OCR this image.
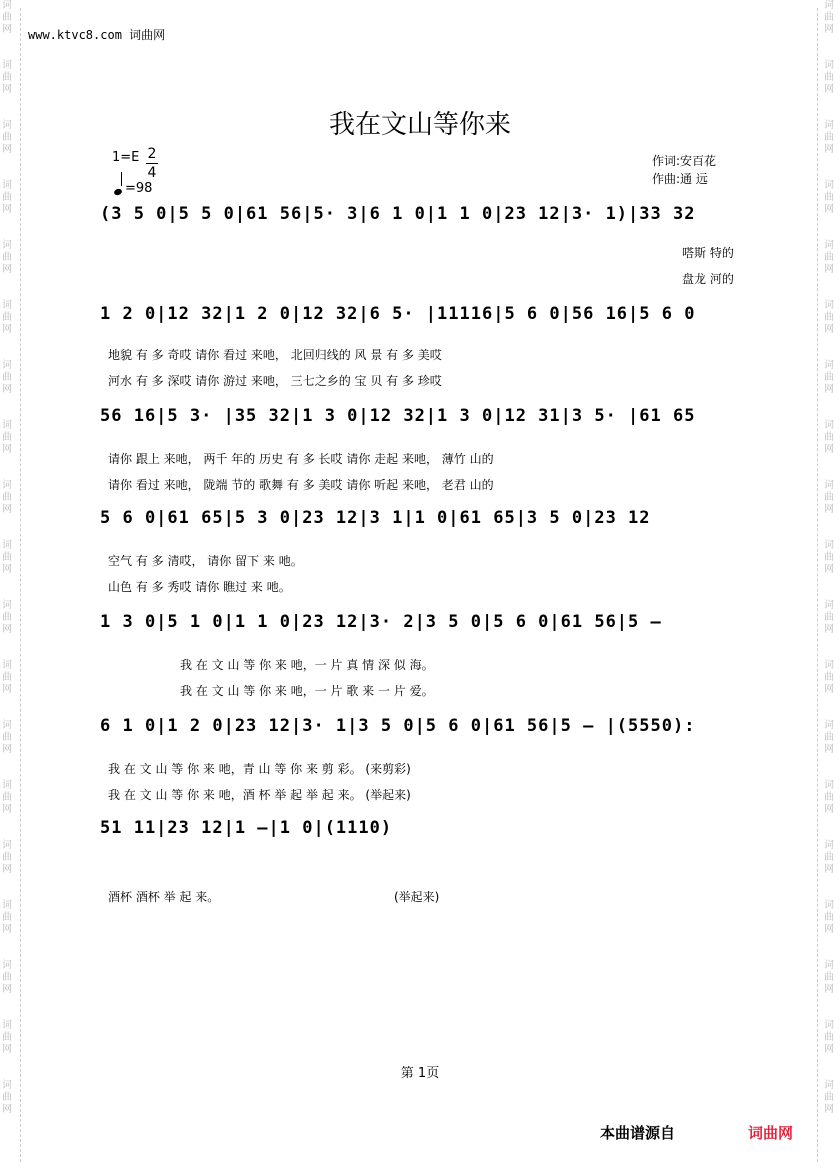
词
曲
网
词
曲
网
词
曲
网
词
曲
网
词
曲
网
词
曲
网
词
曲
网
词
曲
网
词
曲
网
词
曲
网
词
曲
网
词
曲
网
词
曲
网
词
曲
网
词
曲
网
词
曲
网
词
曲
网
词
曲
网
词
曲
网
词
曲
网
词
曲
网
词
曲
网
词
曲
网
词
曲
网
词
曲
网
词
曲
网
词
曲
网
词
曲
网
词
曲
网
词
曲
网
词
曲
网
词
曲
网
词
曲
网
词
曲
网
词
曲
网
词
曲
网
词
曲
网
词
曲
网
www.ktvc8.com 词曲网
我在文山等你来
1=E 2
4
=98
作词:安百花
作曲:通 远
(3 5 0|5 5 0|61 56|5· 3|6 1 0|1 1 0|23 12|3· 1)|33 32
1 2 0|12 32|1 2 0|12 32|6 5· |11116|5 6 0|56 16|5 6 0
56 16|5 3· |35 32|1 3 0|12 32|1 3 0|12 31|3 5· |61 65
5 6 0|61 65|5 3 0|23 12|3 1|1 0|61 65|3 5 0|23 12
1 3 0|5 1 0|1 1 0|23 12|3· 2|3 5 0|5 6 0|61 56|5 —
6 1 0|1 2 0|23 12|3· 1|3 5 0|5 6 0|61 56|5 — |(5550):
51 11|23 12|1 —|1 0|(1110)
嗒斯 特的
盘龙 河的
地貌 有 多 奇哎 请你 看过 来吔， 北回归线的 风 景 有 多 美哎
河水 有 多 深哎 请你 游过 来吔， 三七之乡的 宝 贝 有 多 珍哎
请你 跟上 来吔， 两千 年的 历史 有 多 长哎 请你 走起 来吔， 薄竹 山的
请你 看过 来吔， 陇端 节的 歌舞 有 多 美哎 请你 听起 来吔， 老君 山的
空气 有 多 清哎， 请你 留下 来 吔。
山色 有 多 秀哎 请你 瞧过 来 吔。
我 在 文 山 等 你 来 吔，一 片 真 情 深 似 海。
我 在 文 山 等 你 来 吔，一 片 歌 来 一 片 爱。
我 在 文 山 等 你 来 吔，青 山 等 你 来 剪 彩。 (来剪彩)
我 在 文 山 等 你 来 吔，酒 杯 举 起 举 起 来。 (举起来)
酒杯 酒杯 举 起 来。	(举起来)
第 1页
本曲谱源自	词曲网
